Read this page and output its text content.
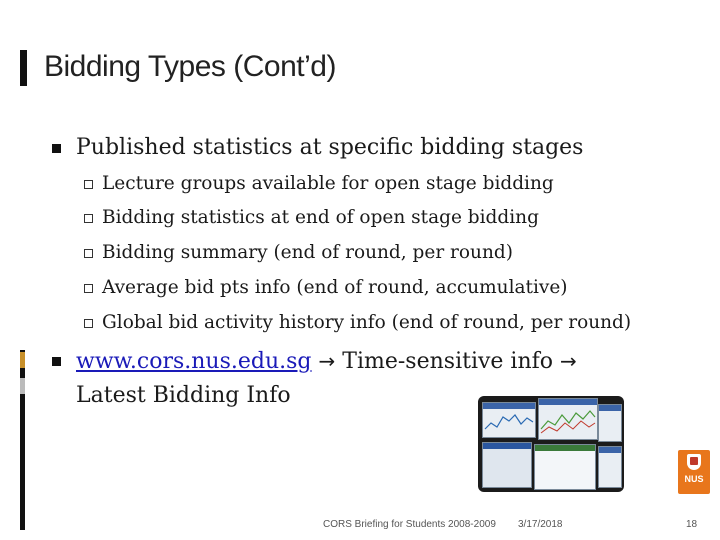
Bidding Types (Cont’d)
Published statistics at specific bidding stages
Lecture groups available for open stage bidding
Bidding statistics at end of open stage bidding
Bidding summary (end of round, per round)
Average bid pts info (end of round, accumulative)
Global bid activity history info (end of round, per round)
www.cors.nus.edu.sg → Time-sensitive info →
Latest Bidding Info
NUS
CORS Briefing for Students 2008-2009 3/17/2018	18
